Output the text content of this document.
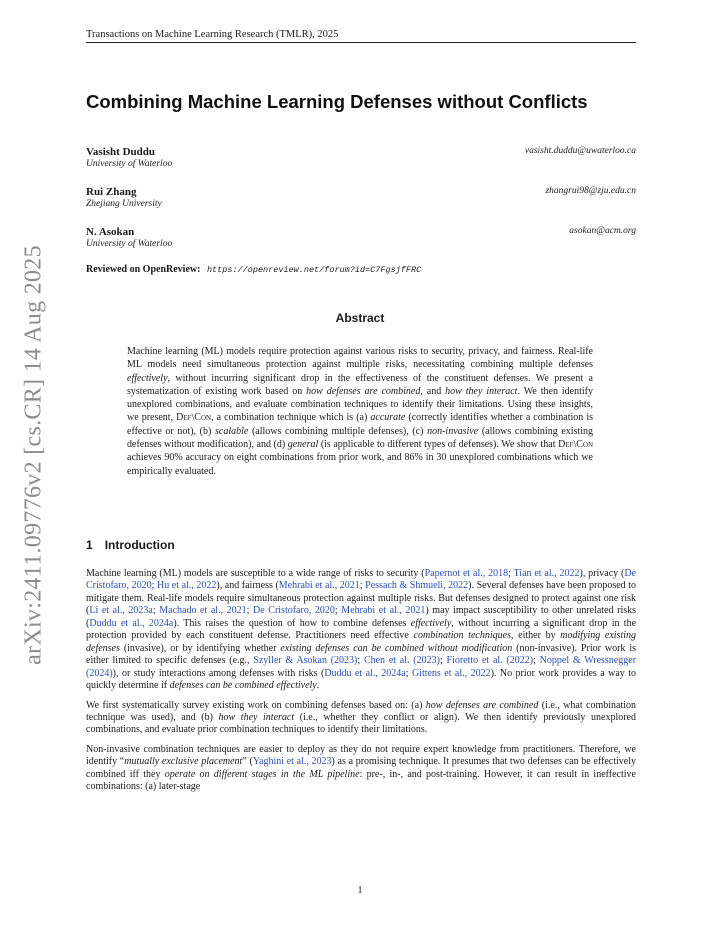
Transactions on Machine Learning Research (TMLR), 2025
arXiv:2411.09776v2 [cs.CR] 14 Aug 2025
Combining Machine Learning Defenses without Conflicts
Vasisht Duddu	vasisht.duddu@uwaterloo.ca
University of Waterloo
Rui Zhang	zhangrui98@zju.edu.cn
Zhejiang University
N. Asokan	asokan@acm.org
University of Waterloo
Reviewed on OpenReview: https://openreview.net/forum?id=C7FgsjfFRC
Abstract
Machine learning (ML) models require protection against various risks to security, privacy, and fairness. Real-life ML models need simultaneous protection against multiple risks, necessitating combining multiple defenses effectively, without incurring significant drop in the effectiveness of the constituent defenses. We present a systematization of existing work based on how defenses are combined, and how they interact. We then identify unexplored combinations, and evaluate combination techniques to identify their limitations. Using these insights, we present, Def\Con, a combination technique which is (a) accurate (correctly identifies whether a combination is effective or not), (b) scalable (allows combining multiple defenses), (c) non-invasive (allows combining existing defenses without modification), and (d) general (is applicable to different types of defenses). We show that Def\Con achieves 90% accuracy on eight combinations from prior work, and 86% in 30 unexplored combinations which we empirically evaluated.
1 Introduction

Machine learning (ML) models are susceptible to a wide range of risks to security (Papernot et al., 2018; Tian et al., 2022), privacy (De Cristofaro, 2020; Hu et al., 2022), and fairness (Mehrabi et al., 2021; Pessach & Shmueli, 2022). Several defenses have been proposed to mitigate them. Real-life models require simultaneous protection against multiple risks. But defenses designed to protect against one risk (Li et al., 2023a; Machado et al., 2021; De Cristofaro, 2020; Mehrabi et al., 2021) may impact susceptibility to other unrelated risks (Duddu et al., 2024a). This raises the question of how to combine defenses effectively, without incurring a significant drop in the protection provided by each constituent defense. Practitioners need effective combination techniques, either by modifying existing defenses (invasive), or by identifying whether existing defenses can be combined without modification (non-invasive). Prior work is either limited to specific defenses (e.g., Szyller & Asokan (2023); Chen et al. (2023); Fioretto et al. (2022); Noppel & Wressnegger (2024)), or study interactions among defenses with risks (Duddu et al., 2024a; Gittens et al., 2022). No prior work provides a way to quickly determine if defenses can be combined effectively.

We first systematically survey existing work on combining defenses based on: (a) how defenses are combined (i.e., what combination technique was used), and (b) how they interact (i.e., whether they conflict or align). We then identify previously unexplored combinations, and evaluate prior combination techniques to identify their limitations.

Non-invasive combination techniques are easier to deploy as they do not require expert knowledge from practitioners. Therefore, we identify “mutually exclusive placement” (Yaghini et al., 2023) as a promising technique. It presumes that two defenses can be effectively combined iff they operate on different stages in the ML pipeline: pre-, in-, and post-training. However, it can result in ineffective combinations: (a) later-stage

1
